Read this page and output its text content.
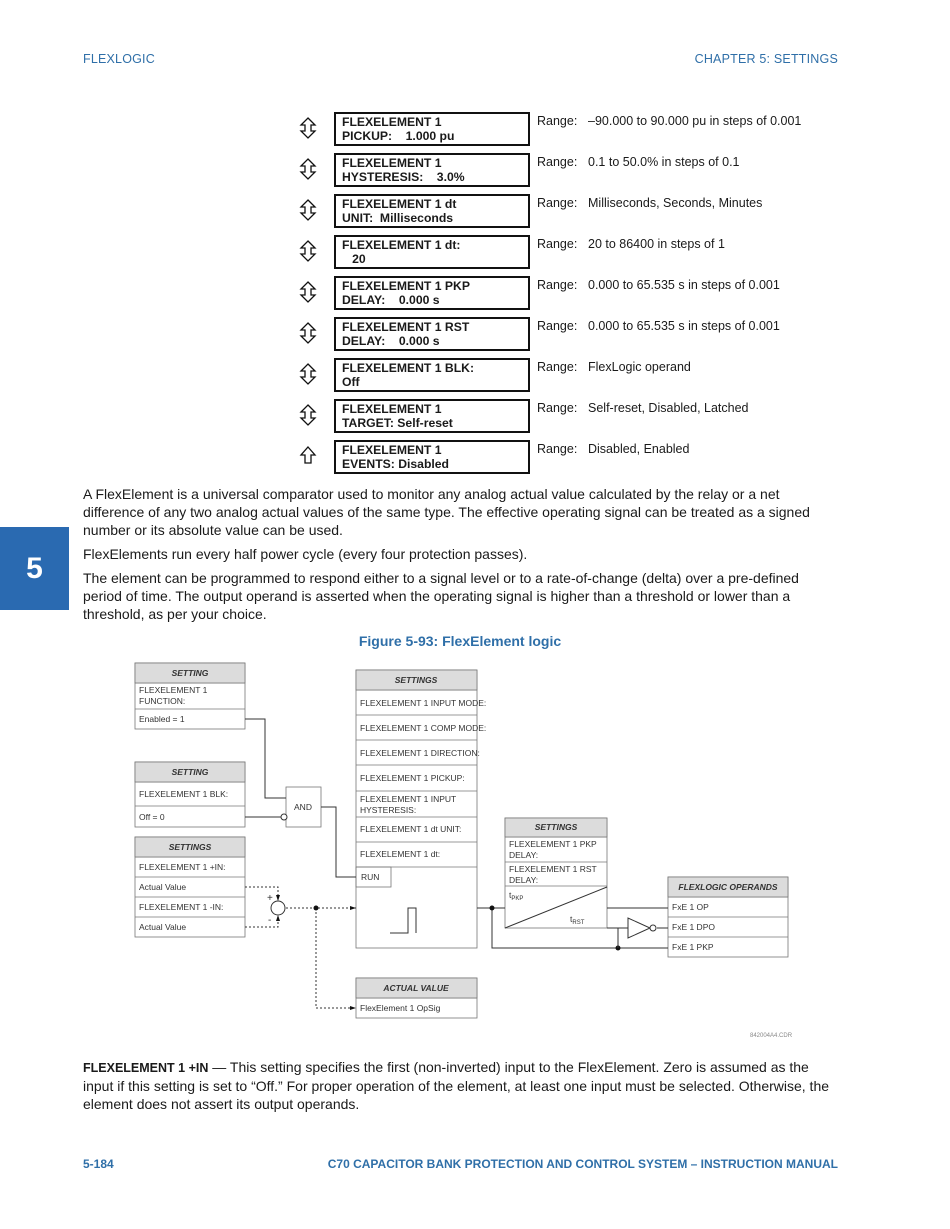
FLEXLOGIC	CHAPTER 5: SETTINGS
5
FLEXELEMENT 1
PICKUP:    1.000 pu
Range: –90.000 to 90.000 pu in steps of 0.001
FLEXELEMENT 1
HYSTERESIS:    3.0%
Range: 0.1 to 50.0% in steps of 0.1
FLEXELEMENT 1 dt
UNIT:  Milliseconds
Range: Milliseconds, Seconds, Minutes
FLEXELEMENT 1 dt:
20
Range: 20 to 86400 in steps of 1
FLEXELEMENT 1 PKP
DELAY:    0.000 s
Range: 0.000 to 65.535 s in steps of 0.001
FLEXELEMENT 1 RST
DELAY:    0.000 s
Range: 0.000 to 65.535 s in steps of 0.001
FLEXELEMENT 1 BLK:
Off
Range: FlexLogic operand
FLEXELEMENT 1
TARGET: Self-reset
Range: Self-reset, Disabled, Latched
FLEXELEMENT 1
EVENTS: Disabled
Range: Disabled, Enabled
A FlexElement is a universal comparator used to monitor any analog actual value calculated by the relay or a net difference of any two analog actual values of the same type. The effective operating signal can be treated as a signed number or its absolute value can be used.
FlexElements run every half power cycle (every four protection passes).
The element can be programmed to respond either to a signal level or to a rate-of-change (delta) over a pre-defined period of time. The output operand is asserted when the operating signal is higher than a threshold or lower than a threshold, as per your choice.
Figure 5-93: FlexElement logic
SETTING
SETTING
SETTINGS
SETTINGS
SETTINGS
FLEXLOGIC OPERANDS
ACTUAL VALUE
FLEXELEMENT 1
FUNCTION:
Enabled = 1
FLEXELEMENT 1 BLK:
Off = 0
FLEXELEMENT 1 +IN:
Actual Value
FLEXELEMENT 1 -IN:
Actual Value
AND
+
-
FLEXELEMENT 1 INPUT MODE:
FLEXELEMENT 1 COMP MODE:
FLEXELEMENT 1 DIRECTION:
FLEXELEMENT 1 PICKUP:
FLEXELEMENT 1 INPUT
HYSTERESIS:
FLEXELEMENT 1 dt UNIT:
FLEXELEMENT 1 dt:
RUN
FLEXELEMENT 1 PKP
DELAY:
FLEXELEMENT 1 RST
DELAY:
$t_{PKP}$
$t_{RST}$
FxE 1 OP
FxE 1 DPO
FxE 1 PKP
FlexElement 1 OpSig
842004A4.CDR
FLEXELEMENT 1 +IN — This setting specifies the first (non-inverted) input to the FlexElement. Zero is assumed as the input if this setting is set to “Off.” For proper operation of the element, at least one input must be selected. Otherwise, the element does not assert its output operands.
5-184	C70 CAPACITOR BANK PROTECTION AND CONTROL SYSTEM – INSTRUCTION MANUAL
